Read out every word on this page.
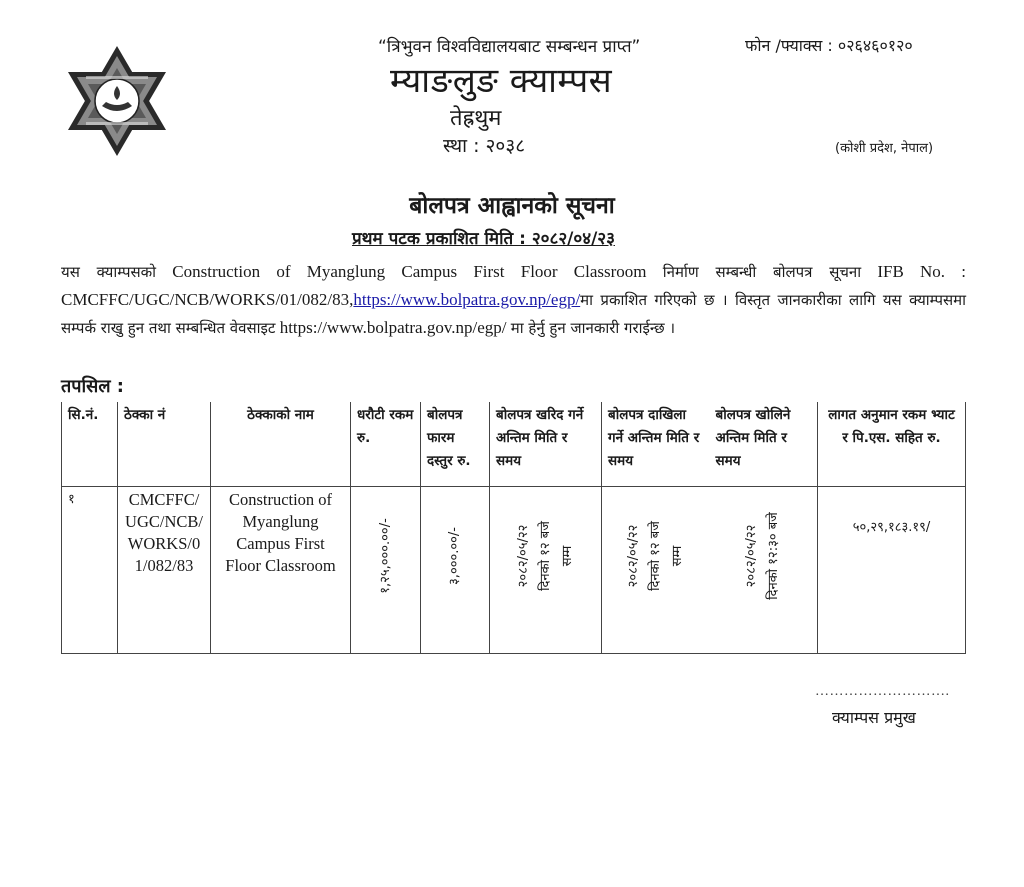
“त्रिभुवन विश्वविद्यालयबाट सम्बन्धन प्राप्त”	फोन /फ्याक्स : ०२६४६०१२०
म्याङलुङ क्याम्पस
तेह्रथुम
स्था : २०३८	(कोशी प्रदेश, नेपाल)
बोलपत्र आह्वानको सूचना
प्रथम पटक प्रकाशित मिति : २०८२/०४/२३
यस क्याम्पसको Construction of Myanglung Campus First Floor Classroom निर्माण सम्बन्धी बोलपत्र सूचना IFB No. : CMCFFC/UGC/NCB/WORKS/01/082/83,https://www.bolpatra.gov.np/egp/मा प्रकाशित गरिएको छ । विस्तृत जानकारीका लागि यस क्याम्पसमा सम्पर्क राखु हुन तथा सम्बन्धित वेवसाइट https://www.bolpatra.gov.np/egp/ मा हेर्नु हुन जानकारी गराईन्छ ।
तपसिल :
सि.नं.	ठेक्का नं	ठेक्काको नाम	धरौटी रकम रु.	बोलपत्र फारम दस्तुर रु.	बोलपत्र खरिद गर्ने अन्तिम मिति र समय	बोलपत्र दाखिला गर्ने अन्तिम मिति र समय	बोलपत्र खोलिने अन्तिम मिति र समय	लागत अनुमान रकम भ्याट र पि.एस. सहित रु.
१	CMCFFC/UGC/NCB/WORKS/01/082/83	Construction of Myanglung Campus First Floor Classroom	१,२५,०००.००/-	३,०००.००/-	२०८२/०५/२२ दिनको १२ बजे सम्म	२०८२/०५/२२ दिनको १२ बजे सम्म	२०८२/०५/२२ दिनको १२:३० बजे	५०,२९,१८३.१९/
……………………….
क्याम्पस प्रमुख
